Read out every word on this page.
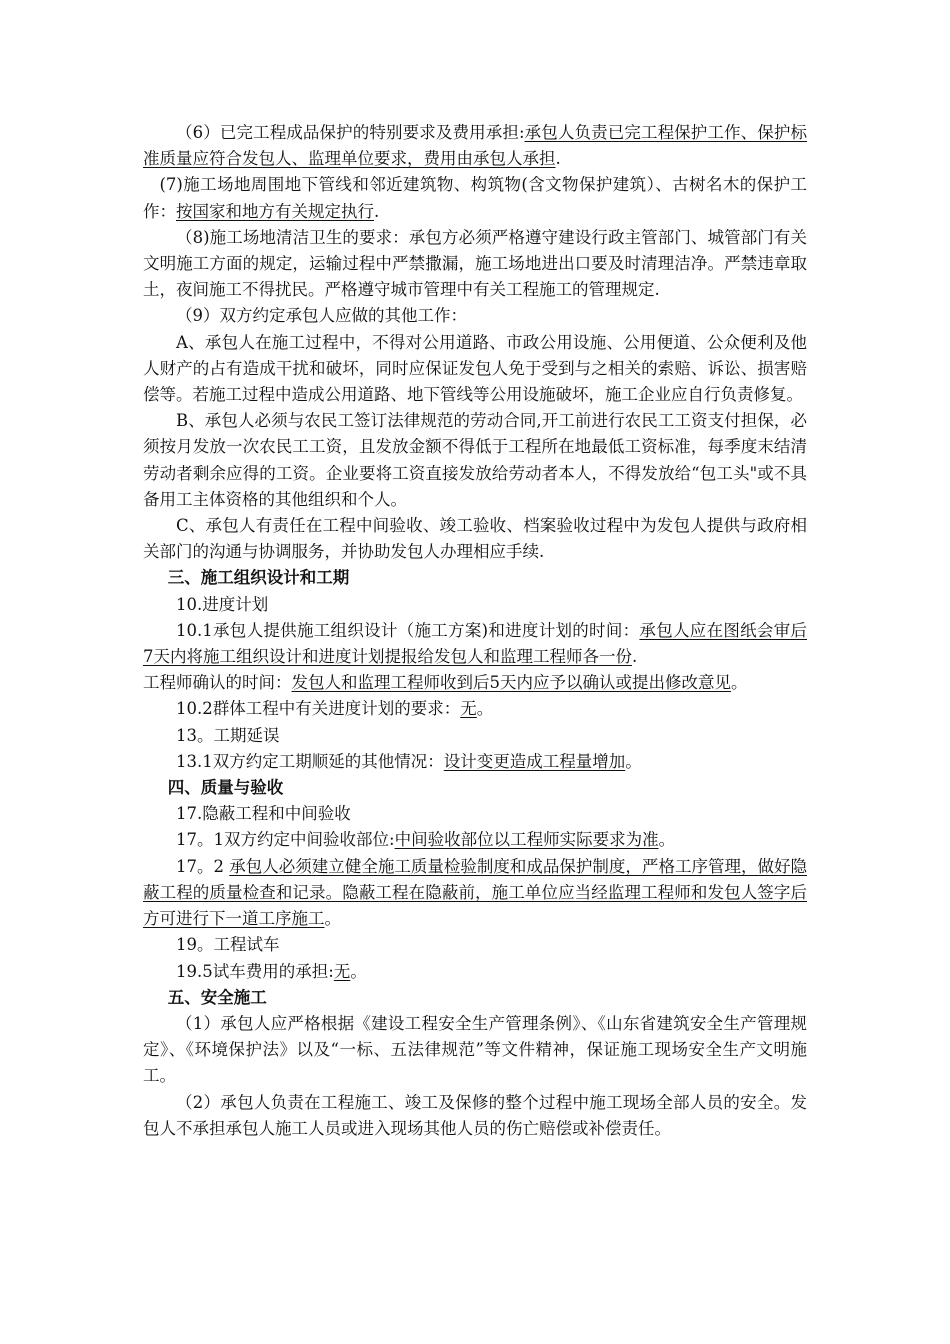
（6）已完工程成品保护的特别要求及费用承担:承包人负责已完工程保护工作、保护标准质量应符合发包人、监理单位要求，费用由承包人承担.

(7)施工场地周围地下管线和邻近建筑物、构筑物(含文物保护建筑）、古树名木的保护工作：按国家和地方有关规定执行.

（8)施工场地清洁卫生的要求：承包方必须严格遵守建设行政主管部门、城管部门有关文明施工方面的规定，运输过程中严禁撒漏，施工场地进出口要及时清理洁净。严禁违章取土，夜间施工不得扰民。严格遵守城市管理中有关工程施工的管理规定.

（9）双方约定承包人应做的其他工作：

A、承包人在施工过程中，不得对公用道路、市政公用设施、公用便道、公众便利及他人财产的占有造成干扰和破坏，同时应保证发包人免于受到与之相关的索赔、诉讼、损害赔偿等。若施工过程中造成公用道路、地下管线等公用设施破坏，施工企业应自行负责修复。

B、承包人必须与农民工签订法律规范的劳动合同,开工前进行农民工工资支付担保，必须按月发放一次农民工工资，且发放金额不得低于工程所在地最低工资标准，每季度末结清劳动者剩余应得的工资。企业要将工资直接发放给劳动者本人，不得发放给“包工头"或不具备用工主体资格的其他组织和个人。

C、承包人有责任在工程中间验收、竣工验收、档案验收过程中为发包人提供与政府相关部门的沟通与协调服务，并协助发包人办理相应手续.

三、施工组织设计和工期

10.进度计划

10.1承包人提供施工组织设计（施工方案)和进度计划的时间：承包人应在图纸会审后7天内将施工组织设计和进度计划提报给发包人和监理工程师各一份.

工程师确认的时间：发包人和监理工程师收到后5天内应予以确认或提出修改意见。

10.2群体工程中有关进度计划的要求：无。

13。工期延误

13.1双方约定工期顺延的其他情况：设计变更造成工程量增加。

四、质量与验收

17.隐蔽工程和中间验收

17。1双方约定中间验收部位:中间验收部位以工程师实际要求为准。

17。2 承包人必须建立健全施工质量检验制度和成品保护制度，严格工序管理，做好隐蔽工程的质量检查和记录。隐蔽工程在隐蔽前，施工单位应当经监理工程师和发包人签字后方可进行下一道工序施工。

19。工程试车

19.5试车费用的承担:无。

五、安全施工

（1）承包人应严格根据《建设工程安全生产管理条例》、《山东省建筑安全生产管理规定》、《环境保护法》以及“一标、五法律规范”等文件精神，保证施工现场安全生产文明施工。

（2）承包人负责在工程施工、竣工及保修的整个过程中施工现场全部人员的安全。发包人不承担承包人施工人员或进入现场其他人员的伤亡赔偿或补偿责任。
